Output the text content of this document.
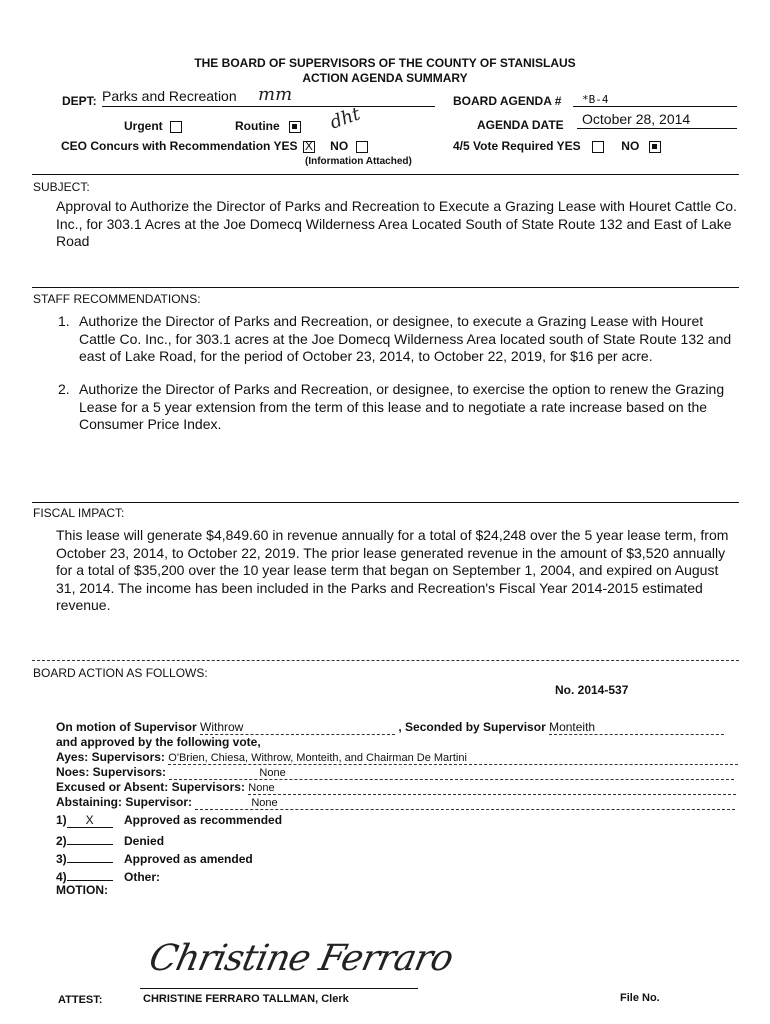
THE BOARD OF SUPERVISORS OF THE COUNTY OF STANISLAUS
ACTION AGENDA SUMMARY
DEPT: Parks and Recreation	mm	BOARD AGENDA #	*B-4
Urgent	Routine	dht	AGENDA DATE	October 28, 2014
CEO Concurs with Recommendation YES X NO
(Information Attached)
4/5 Vote Required YES	NO
SUBJECT:
Approval to Authorize the Director of Parks and Recreation to Execute a Grazing Lease with Houret Cattle Co. Inc., for 303.1 Acres at the Joe Domecq Wilderness Area Located South of State Route 132 and East of Lake Road
STAFF RECOMMENDATIONS:
1. Authorize the Director of Parks and Recreation, or designee, to execute a Grazing Lease with Houret Cattle Co. Inc., for 303.1 acres at the Joe Domecq Wilderness Area located south of State Route 132 and east of Lake Road, for the period of October 23, 2014, to October 22, 2019, for $16 per acre.
2. Authorize the Director of Parks and Recreation, or designee, to exercise the option to renew the Grazing Lease for a 5 year extension from the term of this lease and to negotiate a rate increase based on the Consumer Price Index.
FISCAL IMPACT:
This lease will generate $4,849.60 in revenue annually for a total of $24,248 over the 5 year lease term, from October 23, 2014, to October 22, 2019. The prior lease generated revenue in the amount of $3,520 annually for a total of $35,200 over the 10 year lease term that began on September 1, 2004, and expired on August 31, 2014. The income has been included in the Parks and Recreation's Fiscal Year 2014-2015 estimated revenue.
BOARD ACTION AS FOLLOWS:
No. 2014-537
On motion of Supervisor Withrow	, Seconded by Supervisor Monteith
and approved by the following vote,
Ayes: Supervisors: O'Brien, Chiesa, Withrow, Monteith, and Chairman De Martini
Noes: Supervisors:	None
Excused or Absent: Supervisors: None
Abstaining: Supervisor:	None
1) X	Approved as recommended
2)	Denied
3)	Approved as amended
4)	Other:
MOTION:
Christine Ferraro
ATTEST:	CHRISTINE FERRARO TALLMAN, Clerk	File No.
